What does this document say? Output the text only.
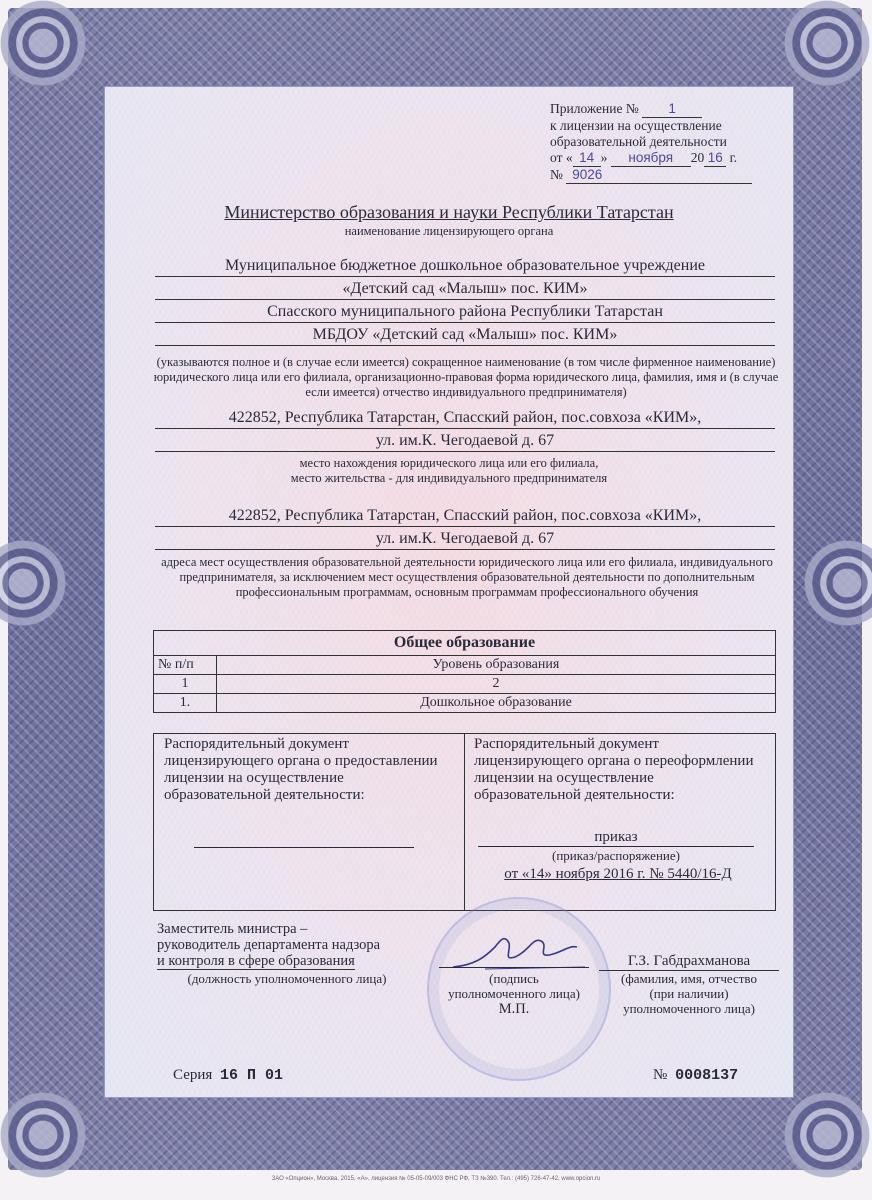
Приложение № 1
к лицензии на осуществление
образовательной деятельности
от « 14 » ноября 20 16 г.
№ 9026
Министерство образования и науки Республики Татарстан
наименование лицензирующего органа
Муниципальное бюджетное дошкольное образовательное учреждение
«Детский сад «Малыш» пос. КИМ»
Спасского муниципального района Республики Татарстан
МБДОУ «Детский сад «Малыш» пос. КИМ»
(указываются полное и (в случае если имеется) сокращенное наименование (в том числе фирменное наименование) юридического лица или его филиала, организационно-правовая форма юридического лица, фамилия, имя и (в случае если имеется) отчество индивидуального предпринимателя)
422852, Республика Татарстан, Спасский район, пос.совхоза «КИМ»,
ул. им.К. Чегодаевой д. 67
место нахождения юридического лица или его филиала,
место жительства - для индивидуального предпринимателя
422852, Республика Татарстан, Спасский район, пос.совхоза «КИМ»,
ул. им.К. Чегодаевой д. 67
адреса мест осуществления образовательной деятельности юридического лица или его филиала, индивидуального предпринимателя, за исключением мест осуществления образовательной деятельности по дополнительным профессиональным программам, основным программам профессионального обучения
Общее образование	
№ п/п	Уровень образования
1	2
1.	Дошкольное образование
Распорядительный документ лицензирующего органа о предоставлении лицензии на осуществление образовательной деятельности:
Распорядительный документ лицензирующего органа о переоформлении лицензии на осуществление образовательной деятельности:
приказ
(приказ/распоряжение)
от «14» ноября 2016 г. № 5440/16-Д
Заместитель министра –
руководитель департамента надзора
и контроля в сфере образования
(должность уполномоченного лица)	(подпись
уполномоченного лица)
М.П.
Г.З. Габдрахманова
(фамилия, имя, отчество
(при наличии)
уполномоченного лица)
Серия 16 П 01	№ 0008137
ЗАО «Опцион», Москва, 2015, «А», лицензия № 05-05-09/003 ФНС РФ, ТЗ №390. Тел.: (495) 726-47-42, www.opcion.ru
